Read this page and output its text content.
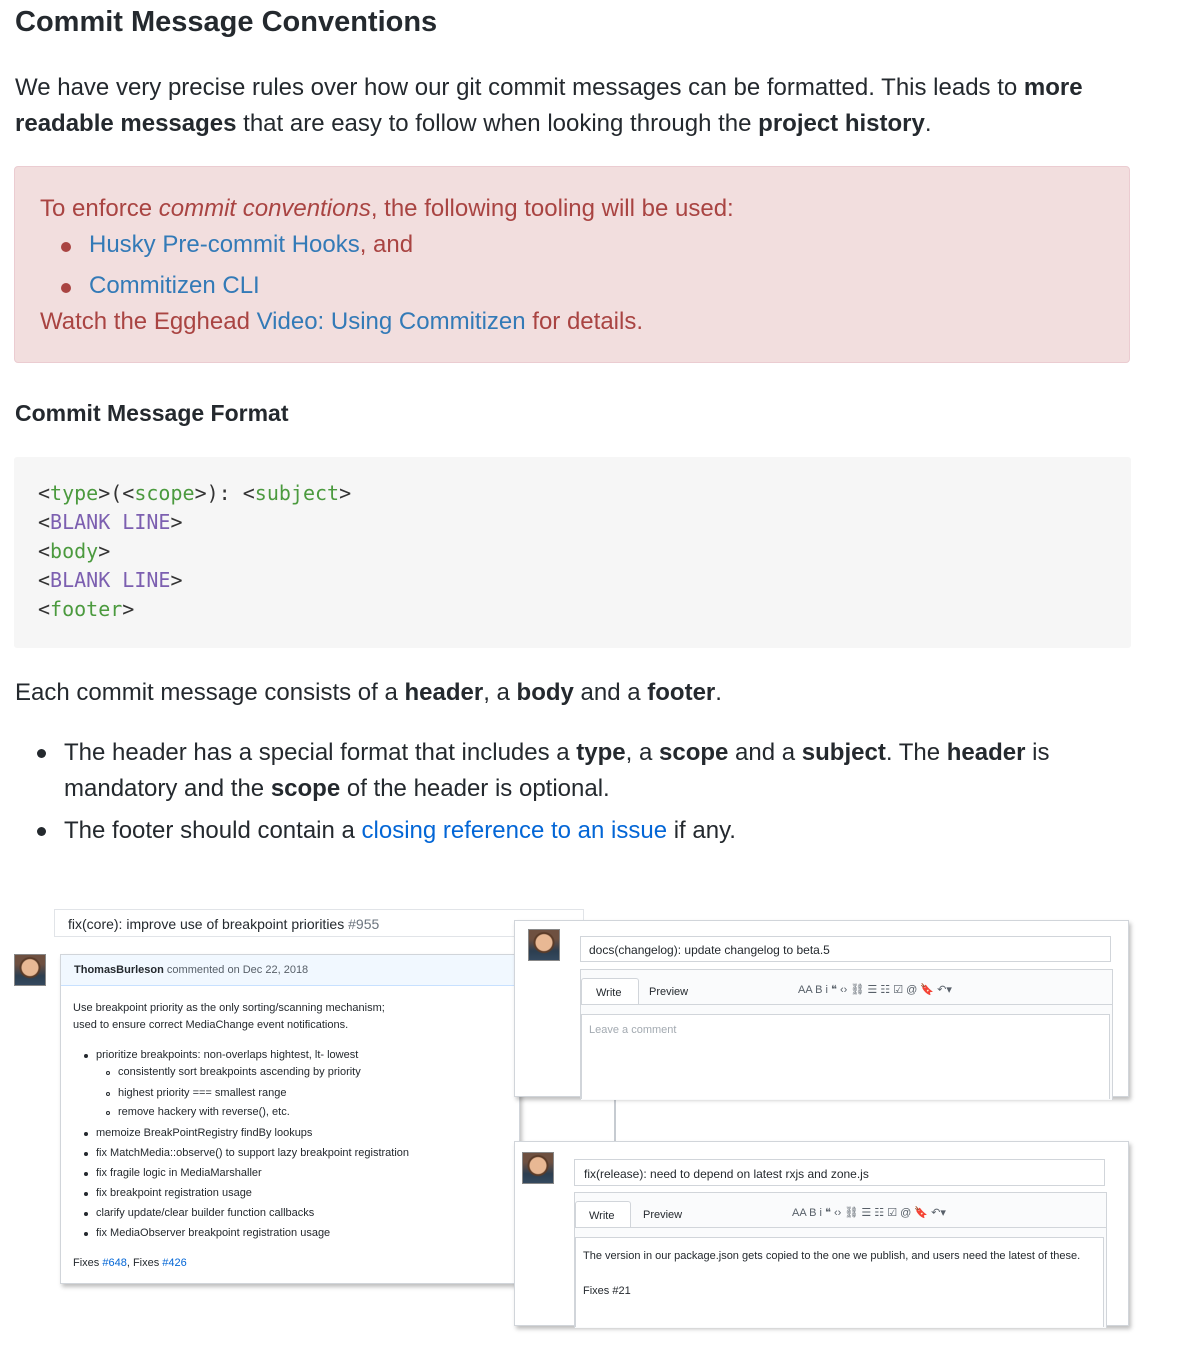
Commit Message Conventions

We have very precise rules over how our git commit messages can be formatted. This leads to more readable messages that are easy to follow when looking through the project history.

To enforce commit conventions, the following tooling will be used:
Husky Pre-commit Hooks, and
Commitizen CLI
Watch the Egghead Video: Using Commitizen for details.
Commit Message Format
<type>(<scope>): <subject>
<BLANK LINE>
<body>
<BLANK LINE>
<footer>

Each commit message consists of a header, a body and a footer.

The header has a special format that includes a type, a scope and a subject. The header is mandatory and the scope of the header is optional.
The footer should contain a closing reference to an issue if any.
fix(core): improve use of breakpoint priorities #955
ThomasBurleson commented on Dec 22, 2018
Use breakpoint priority as the only sorting/scanning mechanism;
used to ensure correct MediaChange event notifications.
prioritize breakpoints: non-overlaps hightest, lt- lowest
consistently sort breakpoints ascending by priority
highest priority === smallest range
remove hackery with reverse(), etc.
memoize BreakPointRegistry findBy lookups
fix MatchMedia::observe() to support lazy breakpoint registration
fix fragile logic in MediaMarshaller
fix breakpoint registration usage
clarify update/clear builder function callbacks
fix MediaObserver breakpoint registration usage
Fixes #648, Fixes #426
docs(changelog): update changelog to beta.5
Write	Preview	AA B i ❝ ‹› ⛓ ☰ ☷ ☑ @ 🔖 ↶▾
Leave a comment
fix(release): need to depend on latest rxjs and zone.js
Write	Preview	AA B i ❝ ‹› ⛓ ☰ ☷ ☑ @ 🔖 ↶▾
The version in our package.json gets copied to the one we publish, and users need the latest of these.
Fixes #21
